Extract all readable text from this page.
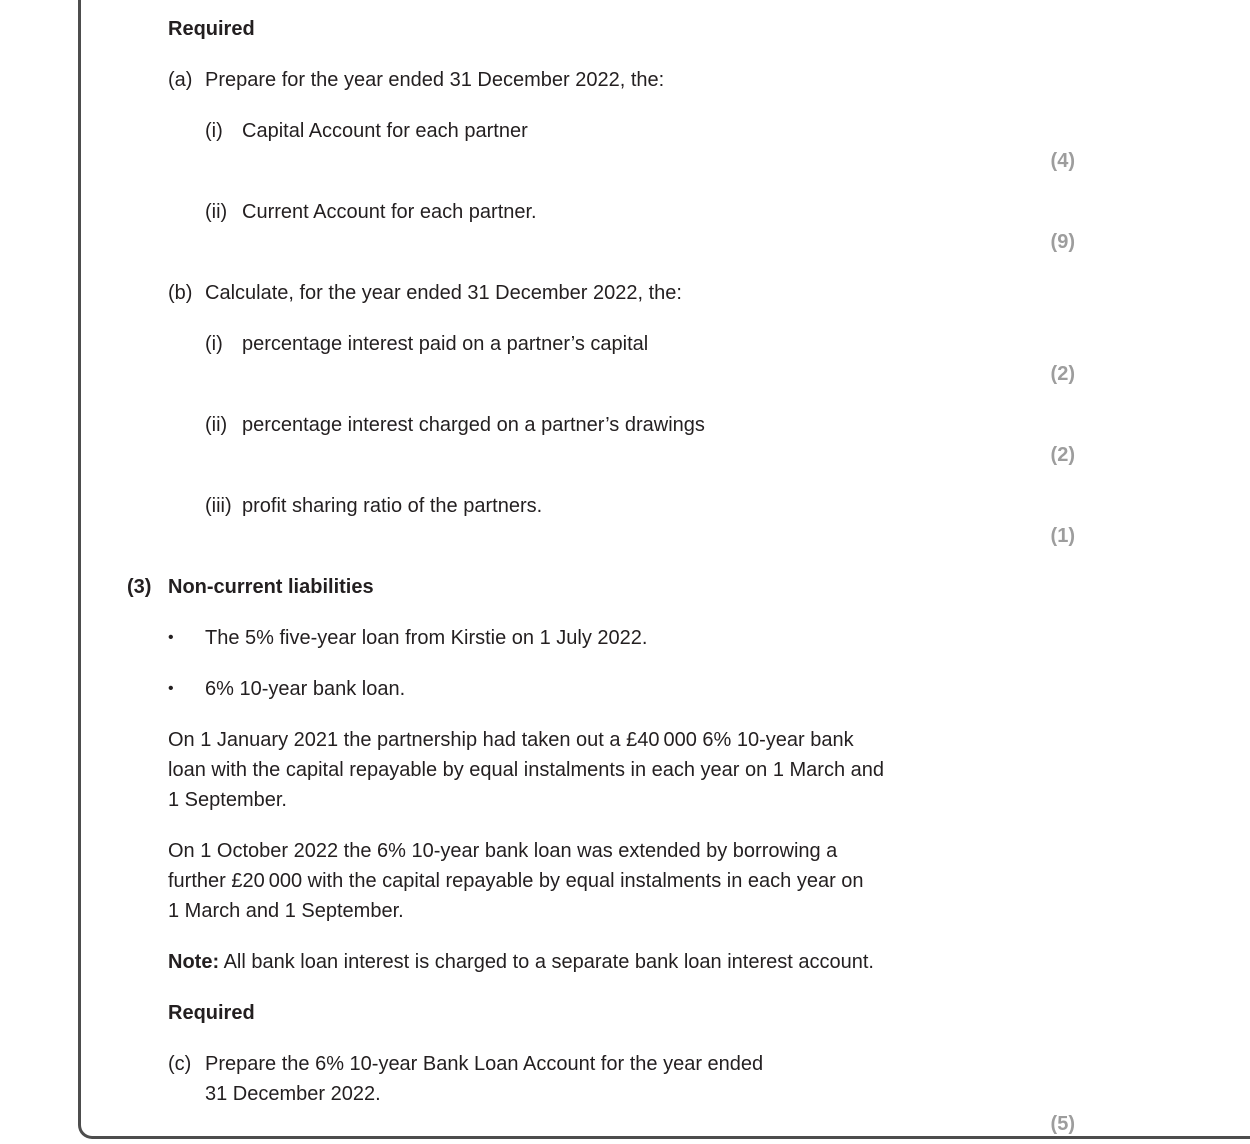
Required
(a) Prepare for the year ended 31 December 2022, the:
(i) Capital Account for each partner
(4)
(ii) Current Account for each partner.
(9)
(b) Calculate, for the year ended 31 December 2022, the:
(i) percentage interest paid on a partner’s capital
(2)
(ii) percentage interest charged on a partner’s drawings
(2)
(iii) profit sharing ratio of the partners.
(1)
(3) Non-current liabilities
•	The 5% five-year loan from Kirstie on 1 July 2022.
•	6% 10-year bank loan.
On 1 January 2021 the partnership had taken out a £40 000 6% 10-year bank
loan with the capital repayable by equal instalments in each year on 1 March and
1 September.
On 1 October 2022 the 6% 10-year bank loan was extended by borrowing a
further £20 000 with the capital repayable by equal instalments in each year on
1 March and 1 September.
Note: All bank loan interest is charged to a separate bank loan interest account.
Required
(c) Prepare the 6% 10-year Bank Loan Account for the year ended
31 December 2022.
(5)
